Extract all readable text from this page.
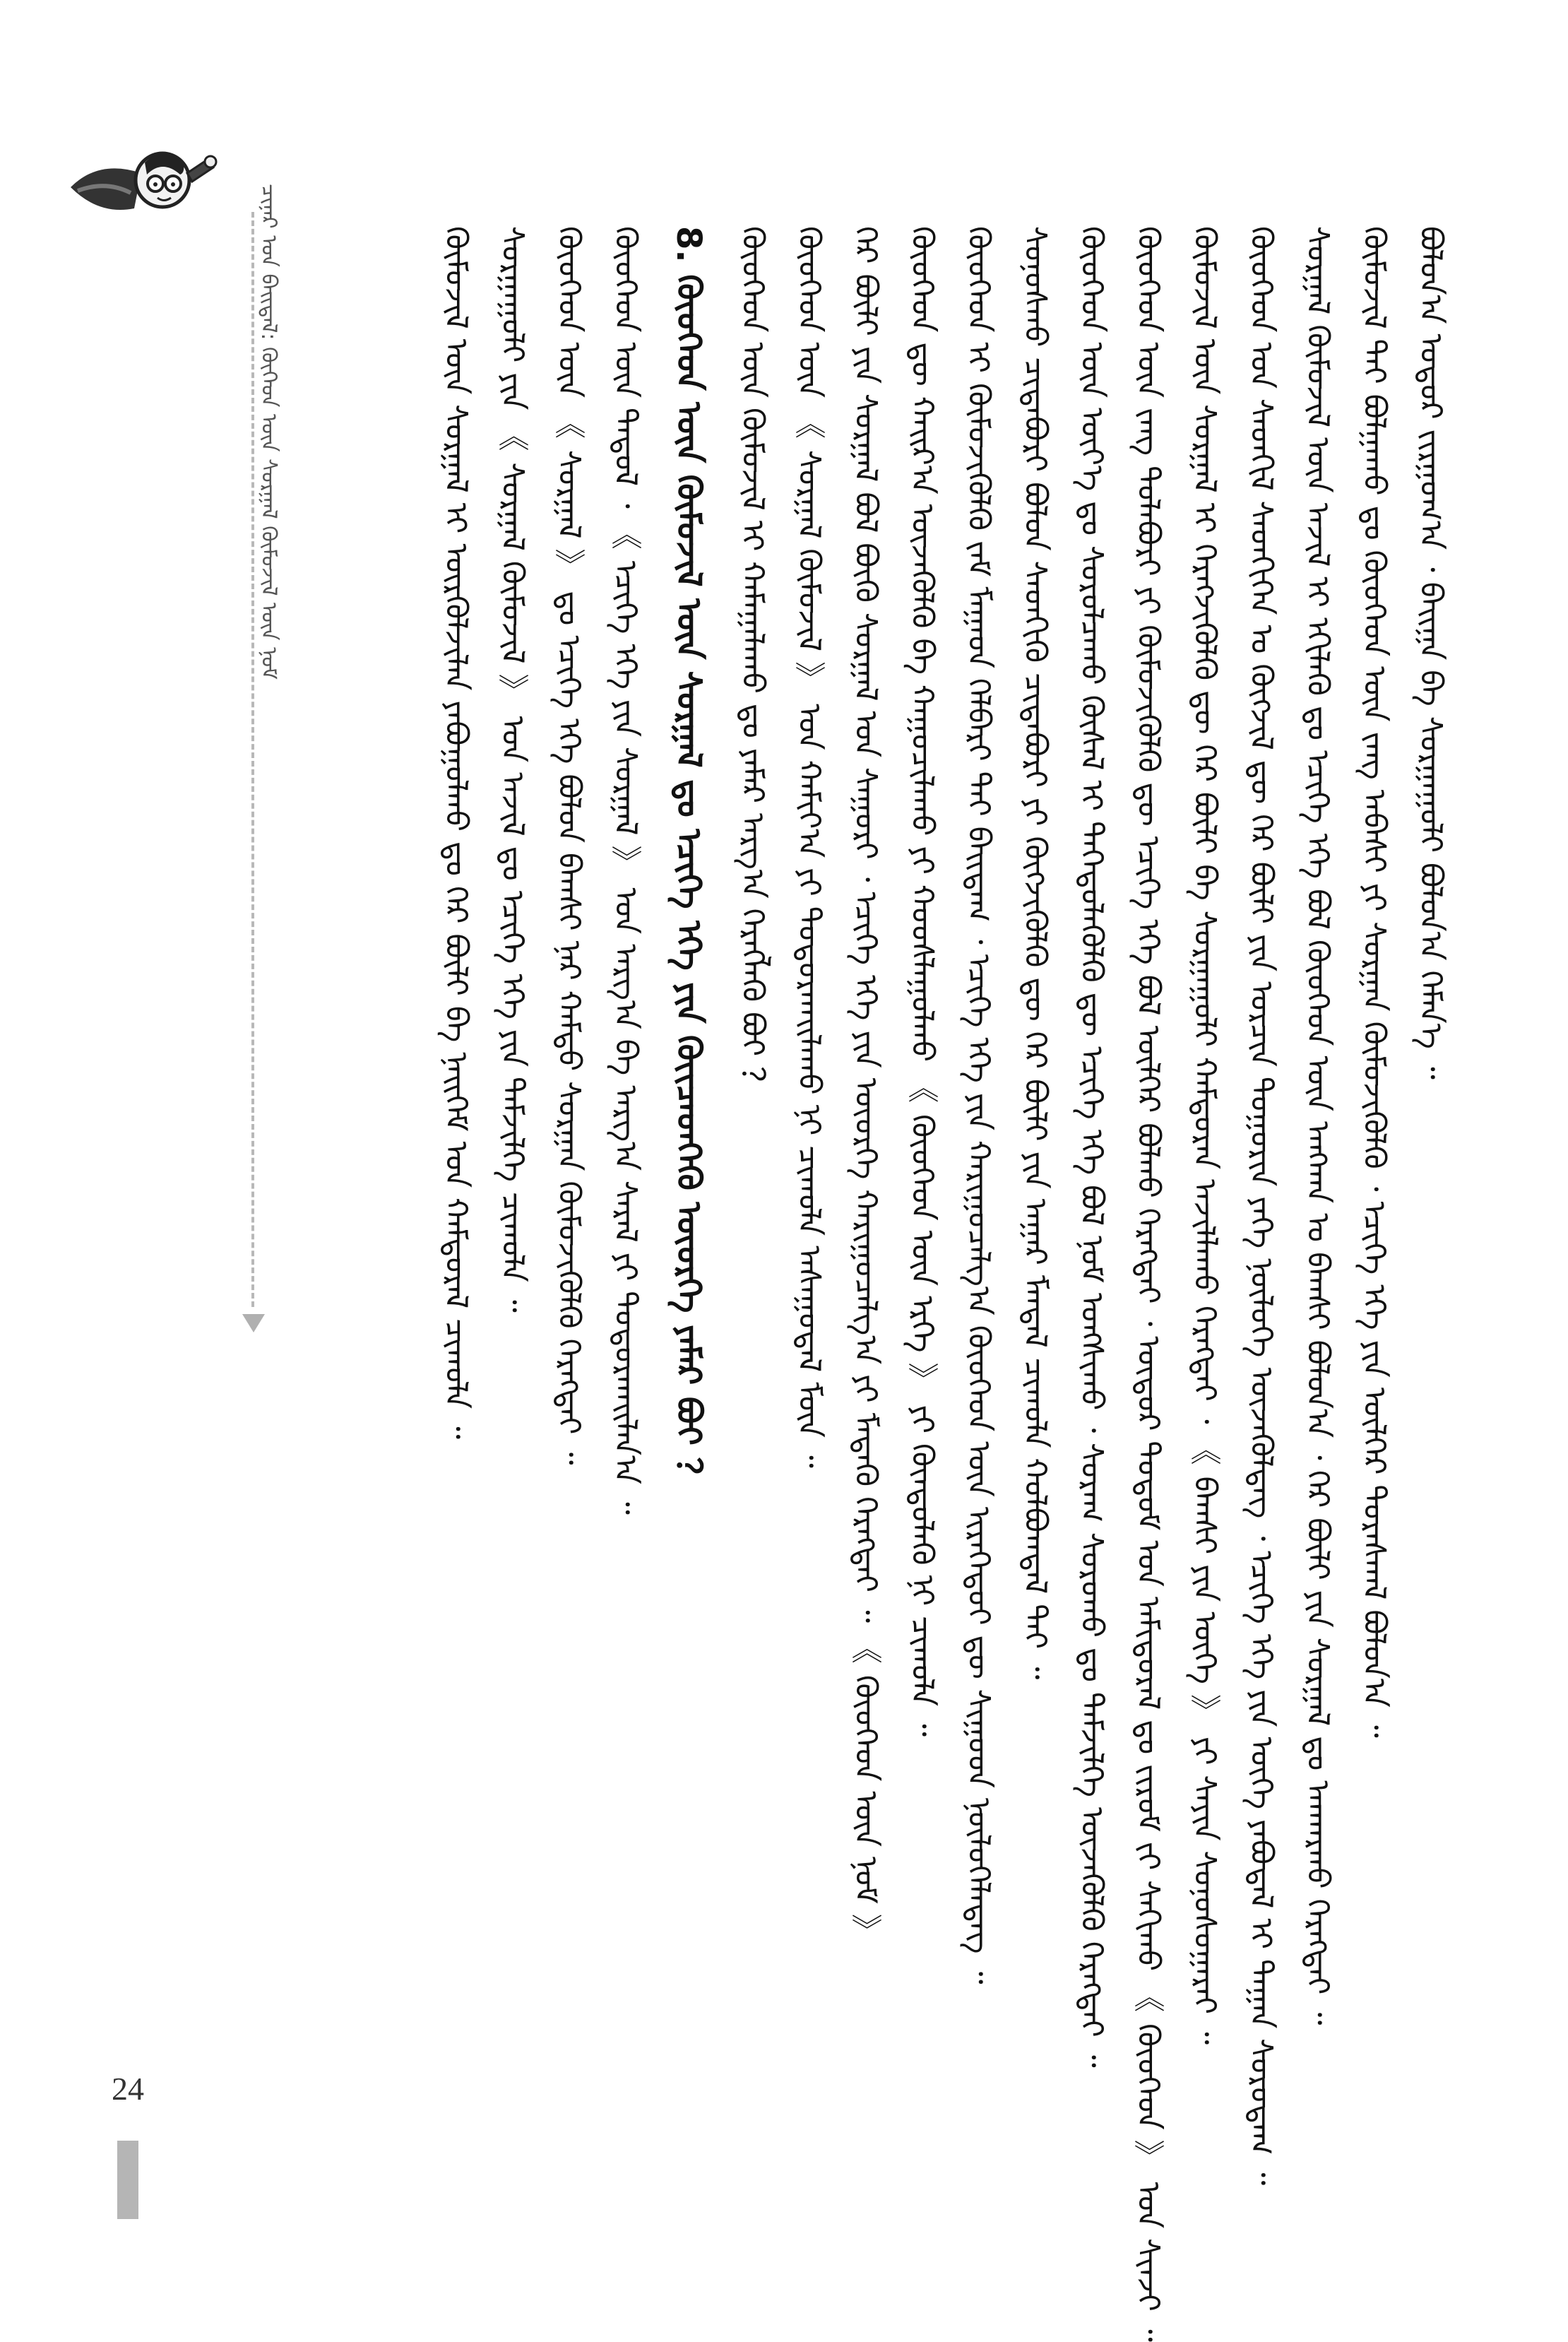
ᠪᠣᠯᠤᠨ᠎ᠠ ᠤᠳᠤᠷ ᠵᠢᠷᠭᠤᠭ᠎ᠠ ᠂ ᠪᠠᠢᠭᠠ ᠪᠠ ᠰᠤᠷᠭᠠᠭᠤᠯᠢ ᠪᠣᠯᠤᠨ᠎ᠠ ᠬᠡᠮᠡᠨ᠎ᠡ ᠃
ᠬᠦᠮᠦᠵᠢᠯ ᠲᠡᠢ ᠪᠣᠯᠭᠠᠬᠤ ᠳᠤ ᠬᠦᠦᠬᠡᠳ ᠦᠨ ᠵᠠᠩ ᠠᠪᠠᠰᠢ ᠶᠢ ᠰᠤᠷᠭᠠᠨ ᠬᠥᠮᠦᠵᠢᠬᠦᠯᠬᠦ ᠂ ᠡᠴᠢᠭᠡ ᠡᠬᠡ ᠶᠢᠨ ᠦᠯᠭᠡᠷ ᠳᠤᠷᠠᠰᠬᠠᠯ ᠪᠣᠯᠤᠨ᠎ᠠ ᠃
ᠰᠤᠷᠭᠠᠯ ᠬᠦᠮᠦᠵᠢᠯ ᠦᠨ ᠠᠵᠢᠯ ᠢ ᠡᠬᠢᠯᠡᠬᠦ ᠳᠤ ᠡᠴᠢᠭᠡ ᠡᠬᠡ ᠪᠣᠯ ᠬᠦᠦᠬᠡᠳ ᠦᠨ ᠠᠩᠬᠠᠨ ᠤ ᠪᠠᠭᠰᠢ ᠪᠣᠯᠤᠨ᠎ᠠ ᠂ ᠭᠡᠷ ᠪᠦᠯᠢ ᠶᠢᠨ ᠰᠤᠷᠭᠠᠯ ᠳᠤ ᠠᠨᠬᠠᠷᠬᠤ ᠬᠡᠷᠡᠭᠲᠡᠢ ᠃
ᠬᠦᠦᠬᠡᠳ ᠤᠨ ᠰᠡᠳᠬᠢᠯ ᠰᠡᠳᠬᠢᠭᠡᠨ ᠤ ᠬᠥᠭᠵᠢᠯ ᠳᠦ ᠭᠡᠷ ᠪᠦᠯᠢ ᠶᠢᠨ ᠣᠷᠴᠢᠨ ᠲᠣᠭᠣᠷᠢᠨ ᠶᠡᠬᠡ ᠨᠥᠯᠥᠭᠡ ᠦᠵᠡᠭᠦᠯᠳᠡᠭ ᠂ ᠡᠴᠢᠭᠡ ᠡᠬᠡ ᠶᠢᠨ ᠦᠭᠡ ᠶᠠᠪᠤᠳᠠᠯ ᠢ ᠳᠠᠭᠠᠨ ᠰᠤᠷᠤᠳᠠᠭ ᠃
ᠬᠦᠮᠦᠵᠢᠯ ᠦᠨ ᠰᠤᠷᠭᠠᠯ ᠢ ᠬᠡᠷᠡᠭᠵᠢᠭᠦᠯᠬᠦ ᠳᠦ ᠭᠡᠷ ᠪᠦᠯᠢ ᠪᠠ ᠰᠤᠷᠭᠠᠭᠤᠯᠢ ᠬᠠᠮᠲᠤᠷᠠᠨ ᠠᠵᠢᠯᠯᠠᠬᠤ ᠬᠡᠷᠡᠭᠲᠡᠢ ᠂ 《 ᠪᠠᠭᠰᠢ ᠶᠢᠨ ᠦᠭᠡ 》 ᠶᠢ ᠰᠠᠶᠢᠨ ᠰᠣᠨᠣᠰᠤᠭᠠᠷᠠᠢ ᠃
ᠬᠦᠦᠬᠡᠳ ᠦᠨ ᠵᠠᠩ ᠲᠣᠯᠠᠪᠤᠷᠢ ᠶᠢ ᠬᠦᠮᠦᠵᠢᠬᠦᠯᠬᠦ ᠳᠦ ᠡᠴᠢᠭᠡ ᠡᠬᠡ ᠪᠣᠯ ᠦᠯᠭᠡᠷ ᠪᠣᠯᠬᠤ ᠬᠡᠷᠡᠭᠲᠡᠢ ᠂ ᠦᠳᠦᠷ ᠲᠤᠲᠤᠮ ᠤᠨ ᠠᠮᠢᠳᠤᠷᠠᠯ ᠳᠤ ᠵᠢᠷᠤᠮ ᠵᠢ ᠰᠠᠬᠢᠬᠤ 《 ᠬᠦᠦᠬᠡᠳ 》 ᠤᠨ ᠰᠢᠨᠵᠢ ᠃
ᠬᠦᠦᠬᠡᠳ ᠦᠨ ᠦᠶ᠎ᠡ ᠳᠤ ᠰᠤᠷᠤᠯᠴᠠᠬᠤ ᠬᠦᠰᠡᠯ ᠢ ᠳᠡᠭᠡᠳᠦᠯᠡᠭᠦᠯᠬᠦ ᠳᠦ ᠡᠴᠢᠭᠡ ᠡᠬᠡ ᠪᠣᠯ ᠨᠣᠮ ᠤᠩᠰᠢᠬᠤ ᠂ ᠰᠤᠷᠠᠭ ᠰᠤᠷᠤᠬᠤ ᠳᠤ ᠳᠡᠮᠵᠢᠯᠭᠡ ᠦᠵᠡᠭᠦᠯᠬᠦ ᠬᠡᠷᠡᠭᠲᠡᠢ ᠃
ᠰᠣᠨᠣᠰᠬᠤ ᠴᠢᠳᠠᠪᠤᠷᠢ ᠪᠣᠯᠤᠨ ᠰᠡᠳᠬᠢᠬᠦ ᠴᠢᠳᠠᠪᠤᠷᠢ ᠶᠢ ᠬᠥᠭᠵᠢᠭᠦᠯᠬᠦ ᠳᠦ ᠭᠡᠷ ᠪᠦᠯᠢ ᠶᠢᠨ ᠠᠭᠠᠷ ᠮᠠᠨᠳᠠᠯ ᠴᠢᠬᠤᠯᠠ ᠬᠣᠯᠪᠣᠭᠳᠠᠯ ᠲᠡᠢ ᠃
ᠬᠦᠦᠬᠡᠳ ᠢ ᠬᠦᠮᠦᠵᠢᠬᠦᠯᠬᠦ ᠵᠠᠮ ᠮᠠᠭᠠᠳ ᠬᠡᠯᠪᠡᠷᠢ ᠲᠡᠢ ᠪᠠᠢᠳᠠᠭ ᠂ ᠡᠴᠢᠭᠡ ᠡᠬᠡ ᠶᠢᠨ ᠬᠠᠷᠢᠭᠤᠴᠠᠯᠭ᠎ᠠ ᠬᠦᠦᠬᠡᠳ ᠦᠨ ᠢᠷᠡᠭᠡᠳᠦᠢ ᠳᠦ ᠰᠢᠭᠤᠳ ᠨᠥᠯᠥᠭᠡᠯᠡᠳᠡᠭ ᠃
ᠬᠦᠦᠬᠡᠳ ᠳᠦ ᠬᠠᠢᠷ᠎ᠠ ᠦᠵᠡᠭᠦᠯᠬᠦ ᠪᠠ ᠬᠠᠭᠤᠴᠢᠯᠠᠬᠤ ᠶᠢ ᠬᠣᠣᠰᠯᠠᠭᠤᠯᠬᠤ 《 ᠬᠦᠦᠬᠡᠳ ᠦᠨ ᠡᠷᠬᠡ 》 ᠶᠢ ᠬᠦᠨᠳᠦᠯᠡᠬᠦ ᠨᠢ ᠴᠢᠬᠤᠯᠠ ᠃
ᠭᠡᠷ ᠪᠦᠯᠢ ᠶᠢᠨ ᠰᠤᠷᠭᠠᠯ ᠪᠣᠯ ᠪᠦᠬᠦ ᠰᠤᠷᠭᠠᠯ ᠤᠨ ᠰᠠᠭᠤᠷᠢ ᠂ ᠡᠴᠢᠭᠡ ᠡᠬᠡ ᠶᠢᠨ ᠦᠦᠷᠭᠡ ᠬᠠᠷᠢᠭᠤᠴᠠᠯᠭ᠎ᠠ ᠶᠢ ᠮᠡᠳᠡᠬᠦ ᠬᠡᠷᠡᠭᠲᠡᠢ ᠃ 《 ᠬᠦᠦᠬᠡᠳ ᠦᠨ ᠨᠣᠮ 》
ᠬᠦᠦᠬᠡᠳ ᠦᠨ 《 ᠰᠤᠷᠭᠠᠯ ᠬᠦᠮᠦᠵᠢᠯ 》 ᠤᠨ ᠬᠠᠮᠢᠶ᠎ᠠ ᠶᠢ ᠲᠣᠳᠣᠷᠬᠠᠢᠯᠠᠬᠤ ᠨᠢ ᠴᠢᠬᠤᠯᠠ ᠠᠰᠠᠭᠤᠳᠠᠯ ᠮᠥᠨ ᠃
ᠬᠦᠦᠬᠡᠳ ᠦᠨ ᠬᠦᠮᠦᠵᠢᠯ ᠢ ᠬᠠᠮᠠᠭᠠᠯᠠᠬᠤ ᠳᠤ ᠶᠠᠮᠠᠷ ᠠᠷᠭ᠎ᠠ ᠬᠡᠷᠡᠭᠯᠡᠬᠦ ᠪᠤᠢ ？
8. ᠬᠦᠦᠬᠡᠳ ᠦᠨ ᠬᠦᠮᠦᠵᠢᠯ ᠦᠨ ᠰᠤᠷᠭᠠᠯ ᠳᠤ ᠡᠴᠢᠭᠡ ᠡᠬᠡ ᠶᠢᠨ ᠭᠦᠢᠴᠡᠳᠬᠡᠬᠦ ᠦᠦᠷᠭᠡ ᠶᠠᠮᠠᠷ ᠪᠤᠢ ？
ᠬᠦᠦᠬᠡᠳ ᠦᠨ ᠳᠠᠳᠤᠯ ᠂ 《 ᠡᠴᠢᠭᠡ ᠡᠬᠡ ᠶᠢᠨ ᠰᠤᠷᠭᠠᠯ 》 ᠤᠨ ᠠᠷᠭ᠎ᠠ ᠪᠠ ᠠᠷᠭ᠎ᠠ ᠰᠠᠷᠠᠯ ᠶᠢ ᠲᠣᠳᠣᠷᠬᠠᠢᠯᠠᠨ᠎ᠠ ᠃
ᠬᠦᠦᠬᠡᠳ ᠦᠨ 《 ᠰᠤᠷᠭᠠᠯ 》 ᠳᠤ ᠡᠴᠢᠭᠡ ᠡᠬᠡ ᠪᠣᠯᠤᠨ ᠪᠠᠭᠰᠢ ᠨᠠᠷ ᠬᠠᠮᠲᠤ ᠰᠤᠷᠭᠠᠨ ᠬᠦᠮᠦᠵᠢᠬᠦᠯᠬᠦ ᠬᠡᠷᠡᠭᠲᠡᠢ ᠃
ᠰᠤᠷᠭᠠᠭᠤᠯᠢ ᠶᠢᠨ 《 ᠰᠤᠷᠭᠠᠯ ᠬᠦᠮᠦᠵᠢᠯ 》 ᠤᠨ ᠠᠵᠢᠯ ᠳᠤ ᠡᠴᠢᠭᠡ ᠡᠬᠡ ᠶᠢᠨ ᠳᠡᠮᠵᠢᠯᠭᠡ ᠴᠢᠬᠤᠯᠠ ᠃
ᠬᠦᠮᠦᠵᠢᠯ ᠦᠨ ᠰᠤᠷᠭᠠᠯ ᠢ ᠦᠷᠭᠦᠯᠵᠢᠯᠡᠨ ᠶᠠᠪᠤᠭᠤᠯᠬᠤ ᠳᠤ ᠭᠡᠷ ᠪᠦᠯᠢ ᠪᠠ ᠨᠡᠢᠭᠡᠮ ᠤᠨ ᠬᠠᠮᠲᠤᠷᠠᠯ ᠴᠢᠬᠤᠯᠠ ᠃
ᠴᠢᠨᠠᠷ ᠤᠨ ᠪᠠᠢᠳᠠᠯ: ᠬᠥᠬᠡᠳ ᠦᠨ ᠰᠤᠷᠭᠠᠯ ᠬᠦᠮᠦᠵᠢᠯ ᠦᠨ ᠨᠣᠮ
24
